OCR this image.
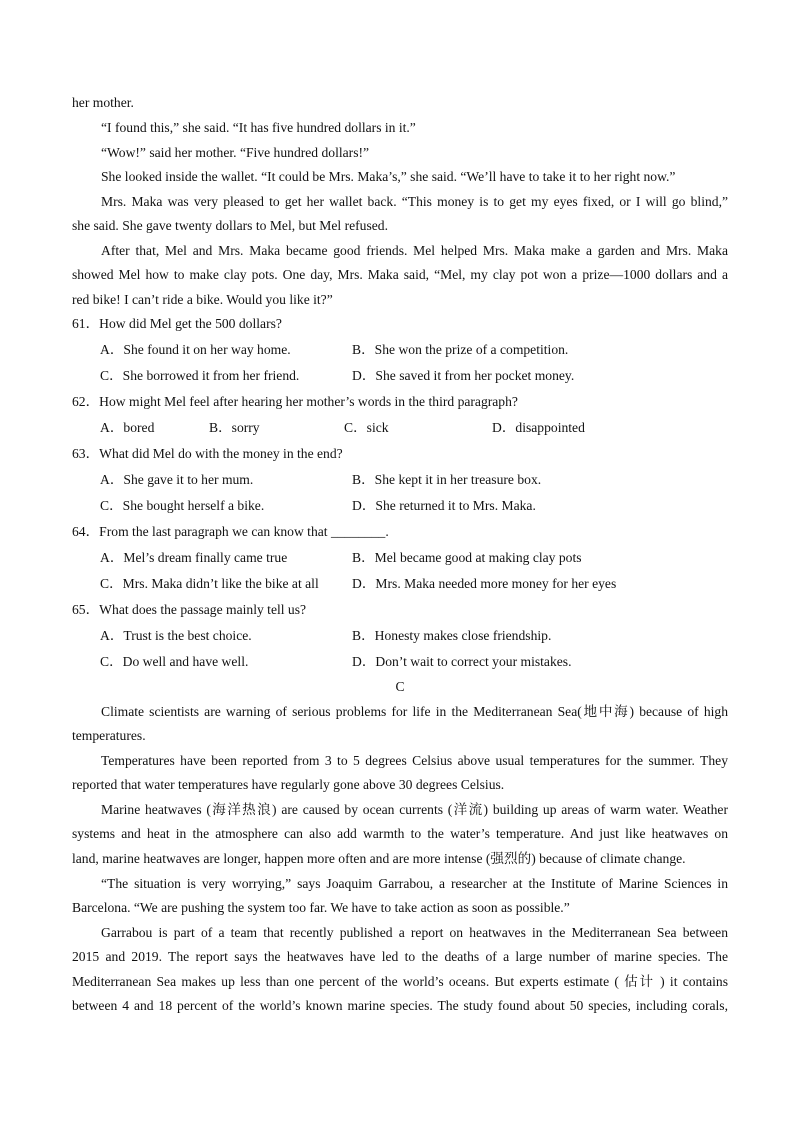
her mother.
“I found this,” she said. “It has five hundred dollars in it.”
“Wow!” said her mother. “Five hundred dollars!”
She looked inside the wallet. “It could be Mrs. Maka’s,” she said. “We’ll have to take it to her right now.”
Mrs. Maka was very pleased to get her wallet back. “This money is to get my eyes fixed, or I will go blind,”
she said. She gave twenty dollars to Mel, but Mel refused.
After that, Mel and Mrs. Maka became good friends. Mel helped Mrs. Maka make a garden and Mrs. Maka
showed Mel how to make clay pots. One day, Mrs. Maka said, “Mel, my clay pot won a prize—1000 dollars and a
red bike! I can’t ride a bike. Would you like it?”
61．How did Mel get the 500 dollars?
A．She found it on her way home.	B．She won the prize of a competition.
C．She borrowed it from her friend.	D．She saved it from her pocket money.
62．How might Mel feel after hearing her mother’s words in the third paragraph?
A．bored	B．sorry	C．sick	D．disappointed
63．What did Mel do with the money in the end?
A．She gave it to her mum.	B．She kept it in her treasure box.
C．She bought herself a bike.	D．She returned it to Mrs. Maka.
64．From the last paragraph we can know that ________.
A．Mel’s dream finally came true	B．Mel became good at making clay pots
C．Mrs. Maka didn’t like the bike at all D．Mrs. Maka needed more money for her eyes
65．What does the passage mainly tell us?
A．Trust is the best choice.	B．Honesty makes close friendship.
C．Do well and have well.	D．Don’t wait to correct your mistakes.
C
Climate scientists are warning of serious problems for life in the Mediterranean Sea(地中海) because of high
temperatures.
Temperatures have been reported from 3 to 5 degrees Celsius above usual temperatures for the summer. They
reported that water temperatures have regularly gone above 30 degrees Celsius.
Marine heatwaves (海洋热浪) are caused by ocean currents (洋流) building up areas of warm water. Weather
systems and heat in the atmosphere can also add warmth to the water’s temperature. And just like heatwaves on
land, marine heatwaves are longer, happen more often and are more intense (强烈的) because of climate change.
“The situation is very worrying,” says Joaquim Garrabou, a researcher at the Institute of Marine Sciences in
Barcelona. “We are pushing the system too far. We have to take action as soon as possible.”
Garrabou is part of a team that recently published a report on heatwaves in the Mediterranean Sea between
2015 and 2019. The report says the heatwaves have led to the deaths of a large number of marine species. The
Mediterranean Sea makes up less than one percent of the world’s oceans. But experts estimate ( 估计 ) it contains
between 4 and 18 percent of the world’s known marine species. The study found about 50 species, including corals,
